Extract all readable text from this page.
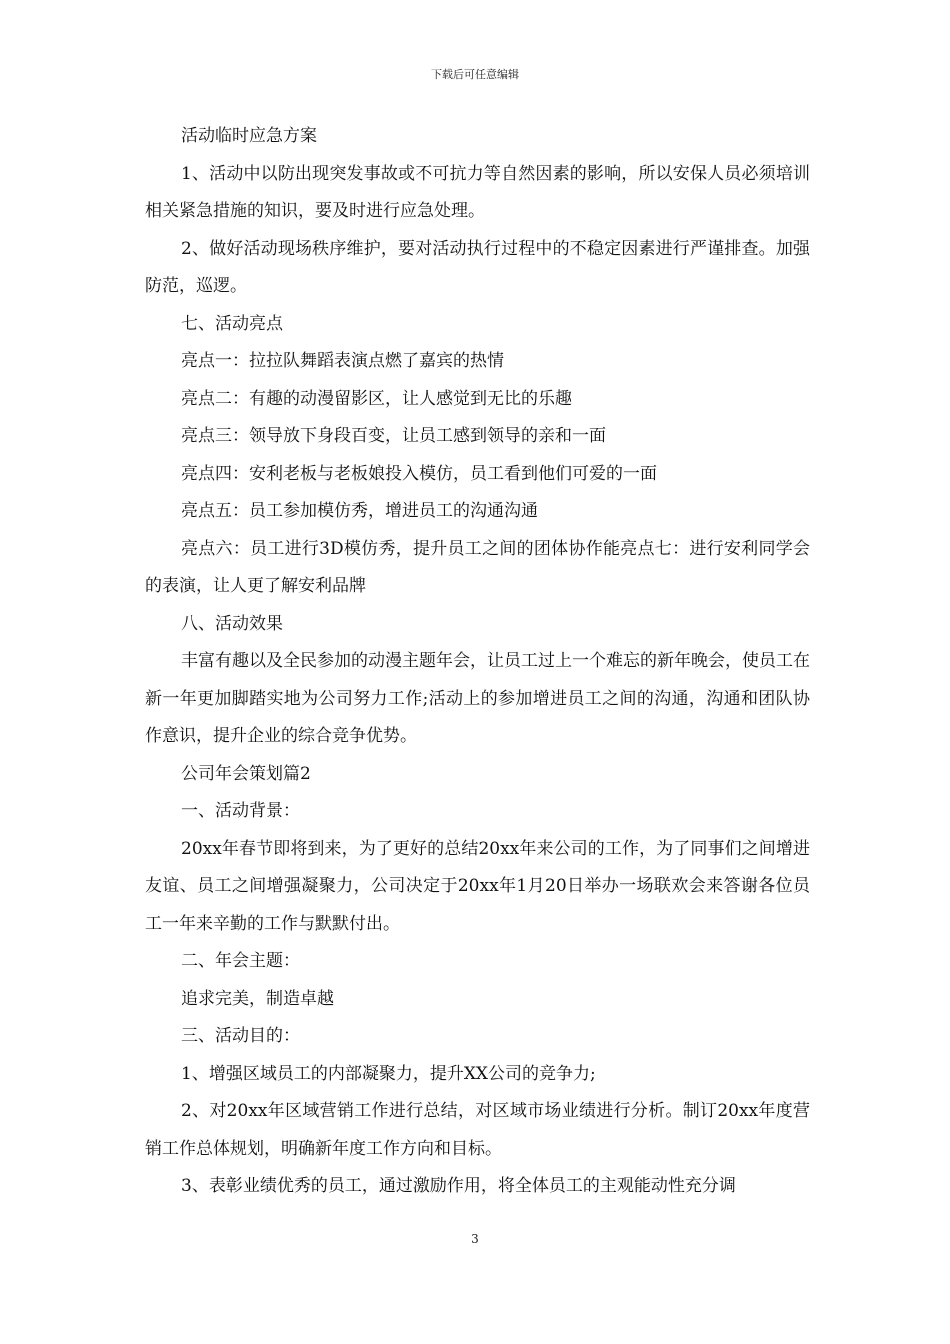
下载后可任意编辑

活动临时应急方案

1、活动中以防出现突发事故或不可抗力等自然因素的影响，所以安保人员必须培训相关紧急措施的知识，要及时进行应急处理。

2、做好活动现场秩序维护，要对活动执行过程中的不稳定因素进行严谨排查。加强防范，巡逻。

七、活动亮点

亮点一：拉拉队舞蹈表演点燃了嘉宾的热情

亮点二：有趣的动漫留影区，让人感觉到无比的乐趣

亮点三：领导放下身段百变，让员工感到领导的亲和一面

亮点四：安利老板与老板娘投入模仿，员工看到他们可爱的一面

亮点五：员工参加模仿秀，增进员工的沟通沟通

亮点六：员工进行3D模仿秀，提升员工之间的团体协作能亮点七：进行安利同学会的表演，让人更了解安利品牌

八、活动效果

丰富有趣以及全民参加的动漫主题年会，让员工过上一个难忘的新年晚会，使员工在新一年更加脚踏实地为公司努力工作;活动上的参加增进员工之间的沟通，沟通和团队协作意识，提升企业的综合竞争优势。

公司年会策划篇2

一、活动背景：

20xx年春节即将到来，为了更好的总结20xx年来公司的工作，为了同事们之间增进友谊、员工之间增强凝聚力，公司决定于20xx年1月20日举办一场联欢会来答谢各位员工一年来辛勤的工作与默默付出。

二、年会主题：

追求完美，制造卓越

三、活动目的：

1、增强区域员工的内部凝聚力，提升XX公司的竞争力;

2、对20xx年区域营销工作进行总结，对区域市场业绩进行分析。制订20xx年度营销工作总体规划，明确新年度工作方向和目标。

3、表彰业绩优秀的员工，通过激励作用，将全体员工的主观能动性充分调

3
